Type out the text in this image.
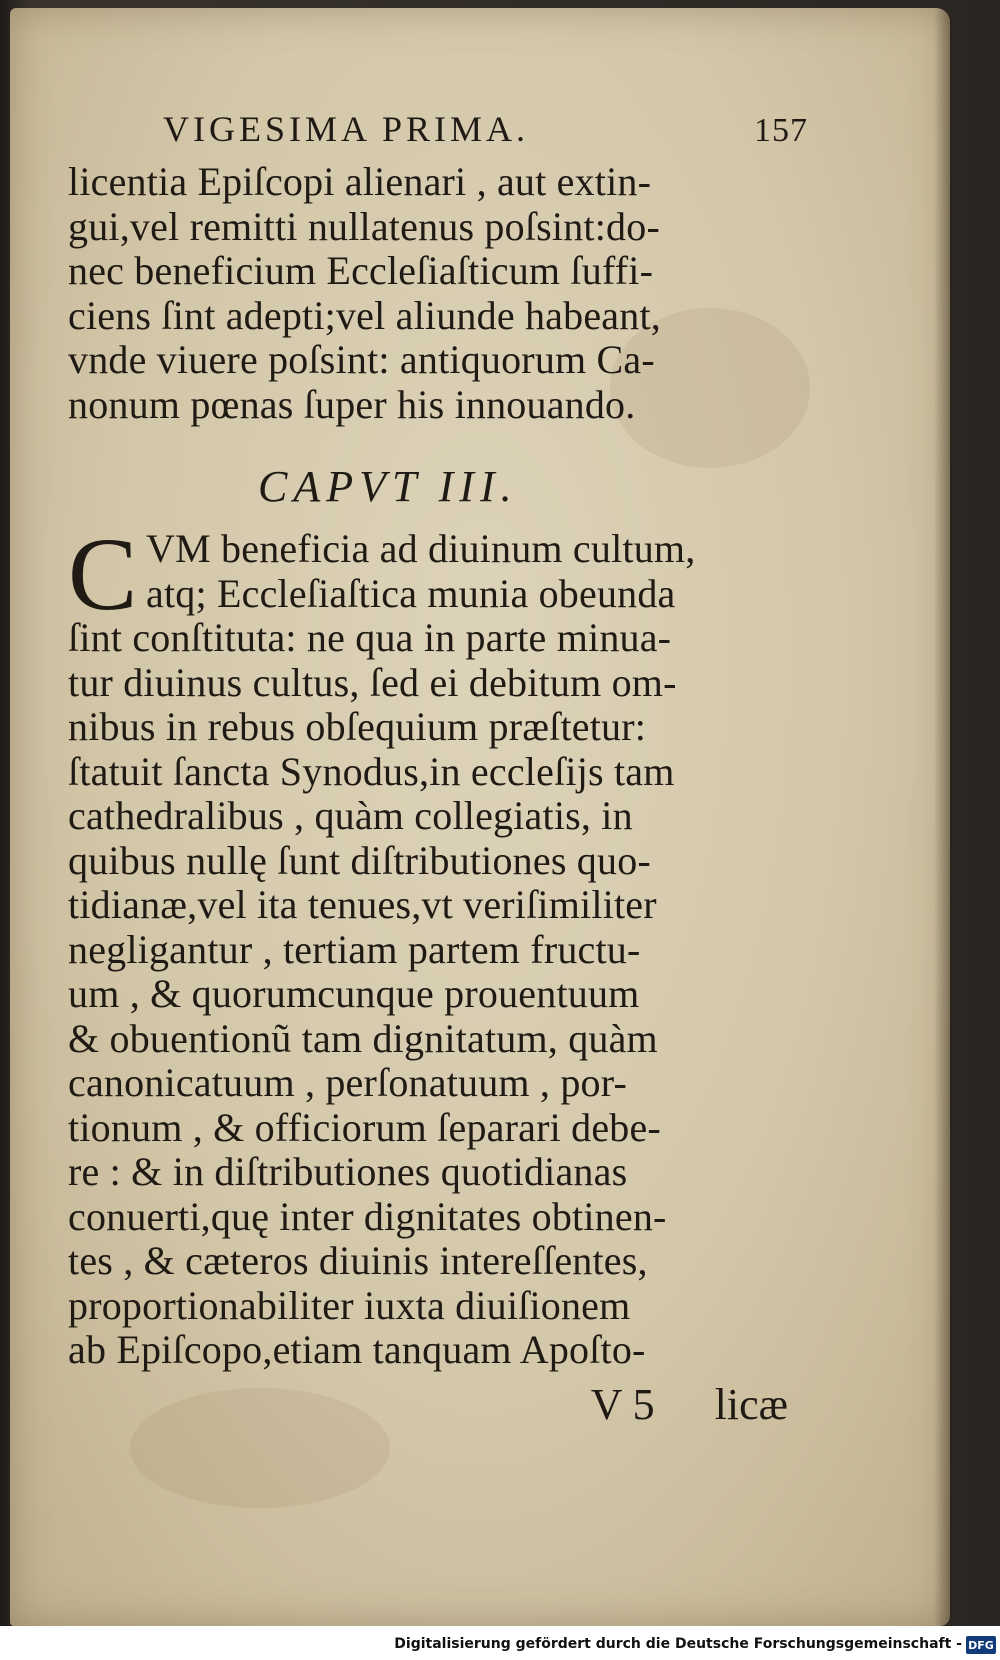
VIGESIMA PRIMA.	157
licentia Epiſcopi alienari , aut extin-
gui,vel remitti nullatenus poſsint:do-
nec beneficium Eccleſiaſticum ſuffi-
ciens ſint adepti;vel aliunde habeant,
vnde viuere poſsint: antiquorum Ca-
nonum pœnas ſuper his innouando.
CAPVT III.
C VM beneficia ad diuinum cultum,
atq; Eccleſiaſtica munia obeunda
ſint conſtituta: ne qua in parte minua-
tur diuinus cultus, ſed ei debitum om-
nibus in rebus obſequium præſtetur:
ſtatuit ſancta Synodus,in eccleſijs tam
cathedralibus , quàm collegiatis, in
quibus nullę ſunt diſtributiones quo-
tidianæ,vel ita tenues,vt veriſimiliter
negligantur , tertiam partem fructu-
um , & quorumcunque prouentuum
& obuentionũ tam dignitatum, quàm
canonicatuum , perſonatuum , por-
tionum , & officiorum ſeparari debe-
re : & in diſtributiones quotidianas
conuerti,quę inter dignitates obtinen-
tes , & cæteros diuinis intereſſentes,
proportionabiliter iuxta diuiſionem
ab Epiſcopo,etiam tanquam Apoſto-
V 5 licæ
Digitalisierung gefördert durch die Deutsche Forschungsgemeinschaft - DFG
